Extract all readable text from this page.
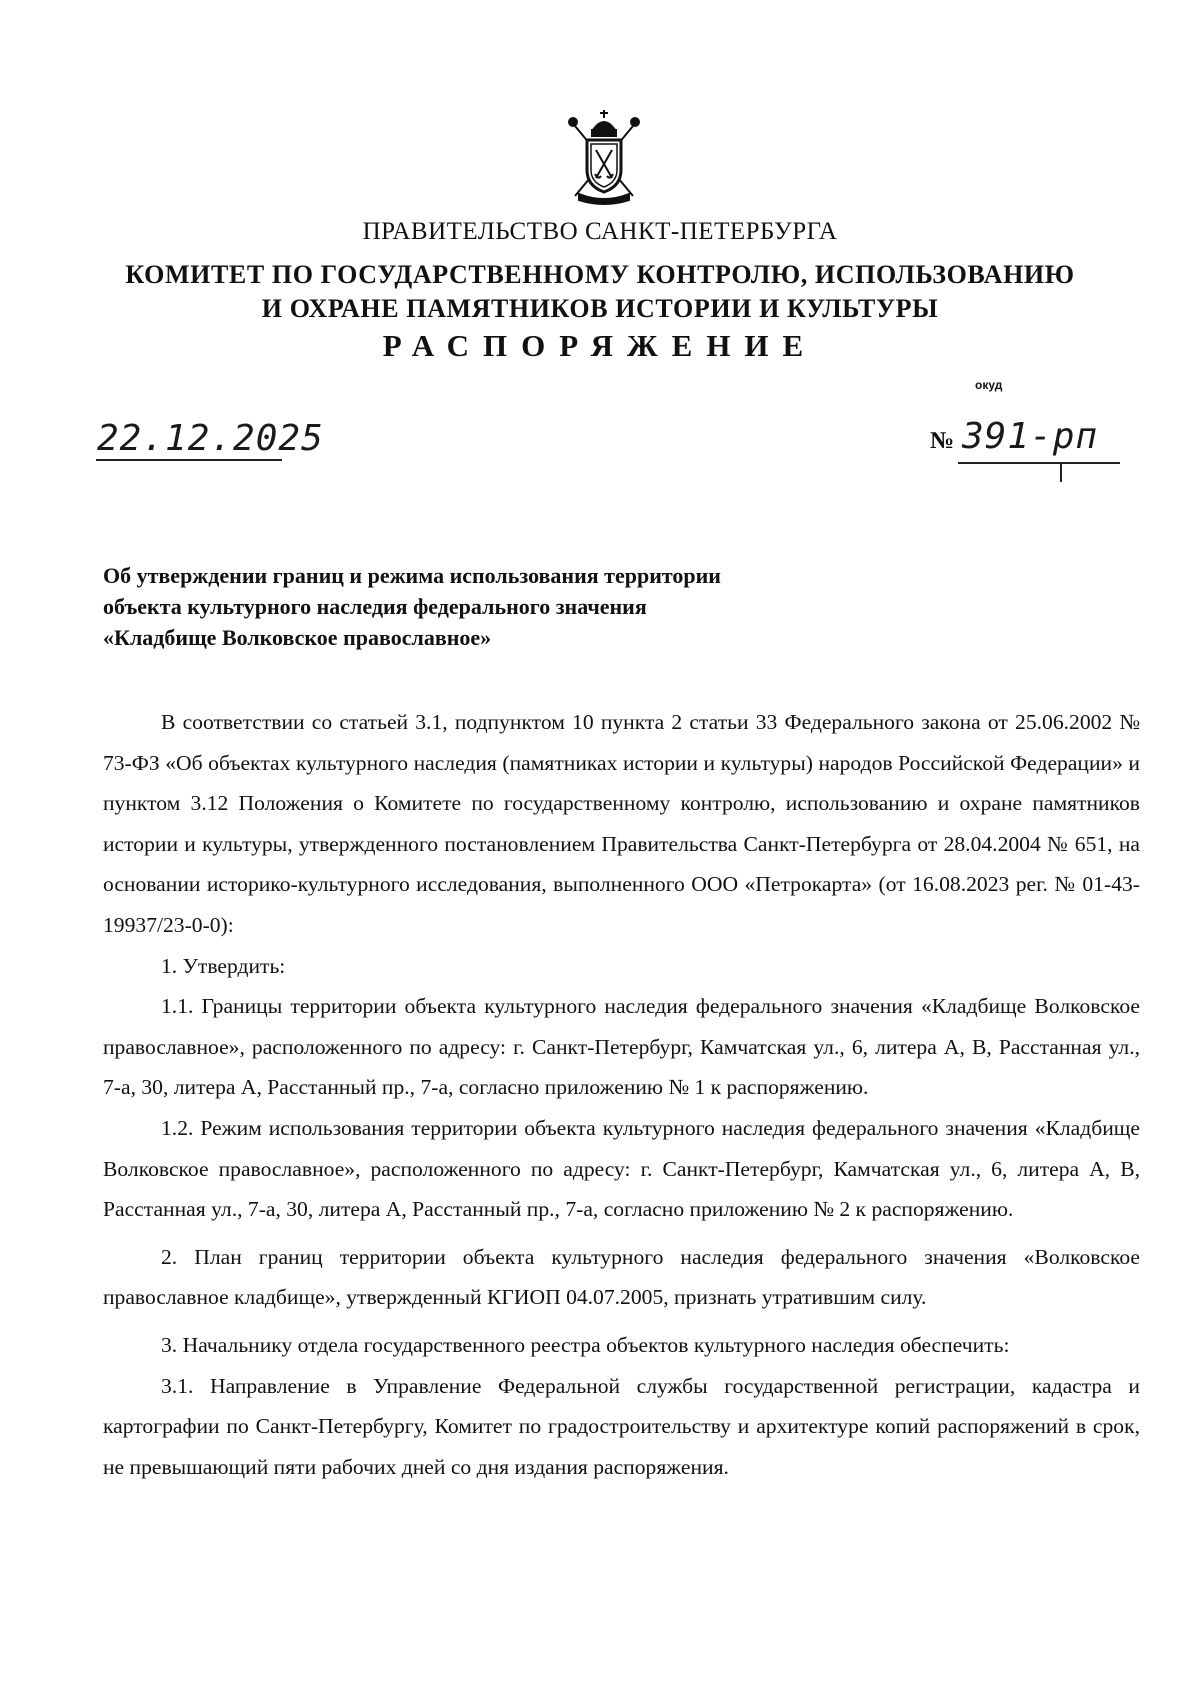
ПРАВИТЕЛЬСТВО САНКТ-ПЕТЕРБУРГА
КОМИТЕТ ПО ГОСУДАРСТВЕННОМУ КОНТРОЛЮ, ИСПОЛЬЗОВАНИЮ
И ОХРАНЕ ПАМЯТНИКОВ ИСТОРИИ И КУЛЬТУРЫ
РАСПОРЯЖЕНИЕ
окуд
22.12.2025	№ 391-рп
Об утверждении границ и режима использования территории
объекта культурного наследия федерального значения
«Кладбище Волковское православное»

В соответствии со статьей 3.1, подпунктом 10 пункта 2 статьи 33 Федерального закона от 25.06.2002 № 73-ФЗ «Об объектах культурного наследия (памятниках истории и культуры) народов Российской Федерации» и пунктом 3.12 Положения о Комитете по государственному контролю, использованию и охране памятников истории и культуры, утвержденного постановлением Правительства Санкт-Петербурга от 28.04.2004 № 651, на основании историко-культурного исследования, выполненного ООО «Петрокарта» (от 16.08.2023 рег. № 01-43-19937/23-0-0):

1. Утвердить:

1.1. Границы территории объекта культурного наследия федерального значения «Кладбище Волковское православное», расположенного по адресу: г. Санкт-Петербург, Камчатская ул., 6, литера А, В, Расстанная ул., 7-а, 30, литера А, Расстанный пр., 7-а, согласно приложению № 1 к распоряжению.

1.2. Режим использования территории объекта культурного наследия федерального значения «Кладбище Волковское православное», расположенного по адресу: г. Санкт-Петербург, Камчатская ул., 6, литера А, В, Расстанная ул., 7-а, 30, литера А, Расстанный пр., 7-а, согласно приложению № 2 к распоряжению.

2. План границ территории объекта культурного наследия федерального значения «Волковское православное кладбище», утвержденный КГИОП 04.07.2005, признать утратившим силу.

3. Начальнику отдела государственного реестра объектов культурного наследия обеспечить:

3.1. Направление в Управление Федеральной службы государственной регистрации, кадастра и картографии по Санкт-Петербургу, Комитет по градостроительству и архитектуре копий распоряжений в срок, не превышающий пяти рабочих дней со дня издания распоряжения.
